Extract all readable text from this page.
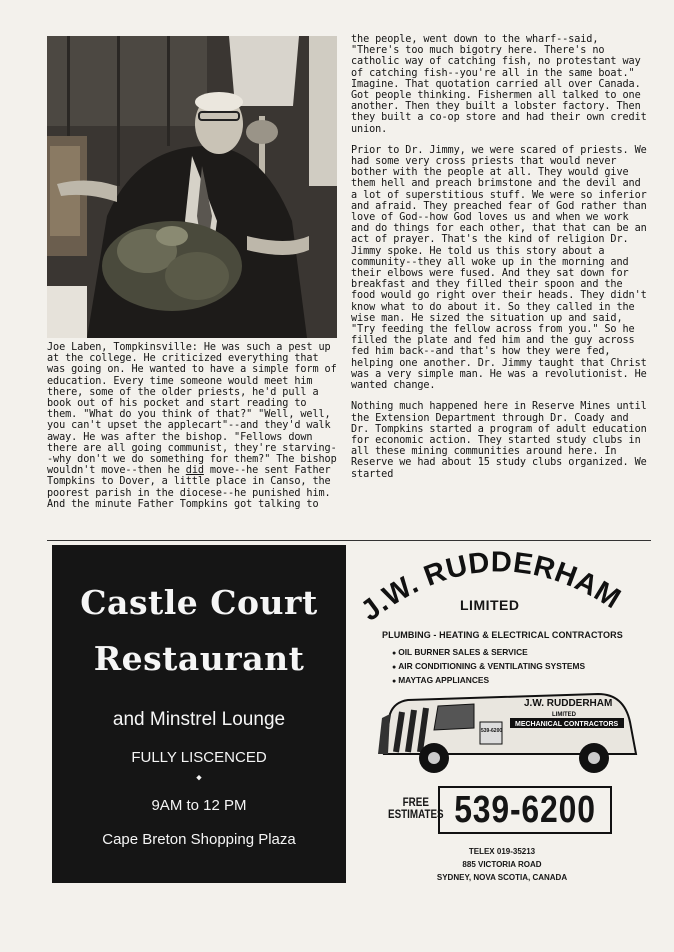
Joe Laben, Tompkinsville: He was such a pest up at the college. He criticized everything that was going on. He wanted to have a simple form of education. Every time someone would meet him there, some of the older priests, he'd pull a book out of his pocket and start reading to them. "What do you think of that?" "Well, well, you can't upset the applecart"--and they'd walk away. He was after the bishop. "Fellows down there are all going communist, they're starving--why don't we do something for them?" The bishop wouldn't move--then he did move--he sent Father Tompkins to Dover, a little place in Canso, the poorest parish in the diocese--he punished him. And the minute Father Tompkins got talking to

the people, went down to the wharf--said, "There's too much bigotry here. There's no catholic way of catching fish, no protestant way of catching fish--you're all in the same boat." Imagine. That quotation carried all over Canada. Got people thinking. Fishermen all talked to one another. Then they built a lobster factory. Then they built a co-op store and had their own credit union.

Prior to Dr. Jimmy, we were scared of priests. We had some very cross priests that would never bother with the people at all. They would give them hell and preach brimstone and the devil and a lot of superstitious stuff. We were so inferior and afraid. They preached fear of God rather than love of God--how God loves us and when we work and do things for each other, that that can be an act of prayer. That's the kind of religion Dr. Jimmy spoke. He told us this story about a community--they all woke up in the morning and their elbows were fused. And they sat down for breakfast and they filled their spoon and the food would go right over their heads. They didn't know what to do about it. So they called in the wise man. He sized the situation up and said, "Try feeding the fellow across from you." So he filled the plate and fed him and the guy across fed him back--and that's how they were fed, helping one another. Dr. Jimmy taught that Christ was a very simple man. He was a revolutionist. He wanted change.

Nothing much happened here in Reserve Mines until the Extension Department through Dr. Coady and Dr. Tompkins started a program of adult education for economic action. They started study clubs in all these mining communities around here. In Reserve we had about 15 study clubs organized. We started

Castle Court
Restaurant
and Minstrel Lounge
FULLY LISCENCED
◆
9AM to 12 PM
Cape Breton Shopping Plaza
J.W. RUDDERHAM
LIMITED
PLUMBING - HEATING & ELECTRICAL CONTRACTORS
● OIL BURNER SALES & SERVICE
● AIR CONDITIONING & VENTILATING SYSTEMS
● MAYTAG APPLIANCES
539-6200
J.W. RUDDERHAM
LIMITED
MECHANICAL CONTRACTORS
FREE
ESTIMATES 539-6200
TELEX 019-35213
885 VICTORIA ROAD
SYDNEY, NOVA SCOTIA, CANADA
